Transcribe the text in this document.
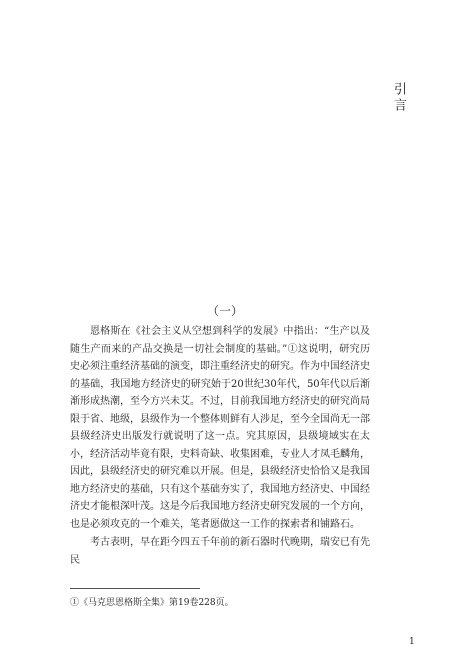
引言
（一）

恩格斯在《社会主义从空想到科学的发展》中指出：“生产以及随生产而来的产品交换是一切社会制度的基础。”①这说明，研究历史必须注重经济基础的演变，即注重经济史的研究。作为中国经济史的基础，我国地方经济史的研究始于20世纪30年代，50年代以后渐渐形成热潮，至今方兴未艾。不过，目前我国地方经济史的研究尚局限于省、地级，县级作为一个整体则鲜有人涉足，至今全国尚无一部县级经济史出版发行就说明了这一点。究其原因，县级境域实在太小，经济活动毕竟有限，史料奇缺、收集困难，专业人才凤毛麟角，因此，县级经济史的研究难以开展。但是，县级经济史恰恰又是我国地方经济史的基础，只有这个基础夯实了，我国地方经济史、中国经济史才能根深叶茂。这是今后我国地方经济史研究发展的一个方向，也是必须攻克的一个难关，笔者愿做这一工作的探索者和铺路石。

考古表明，早在距今四五千年前的新石器时代晚期，瑞安已有先民

①《马克思恩格斯全集》第19卷228页。
1
